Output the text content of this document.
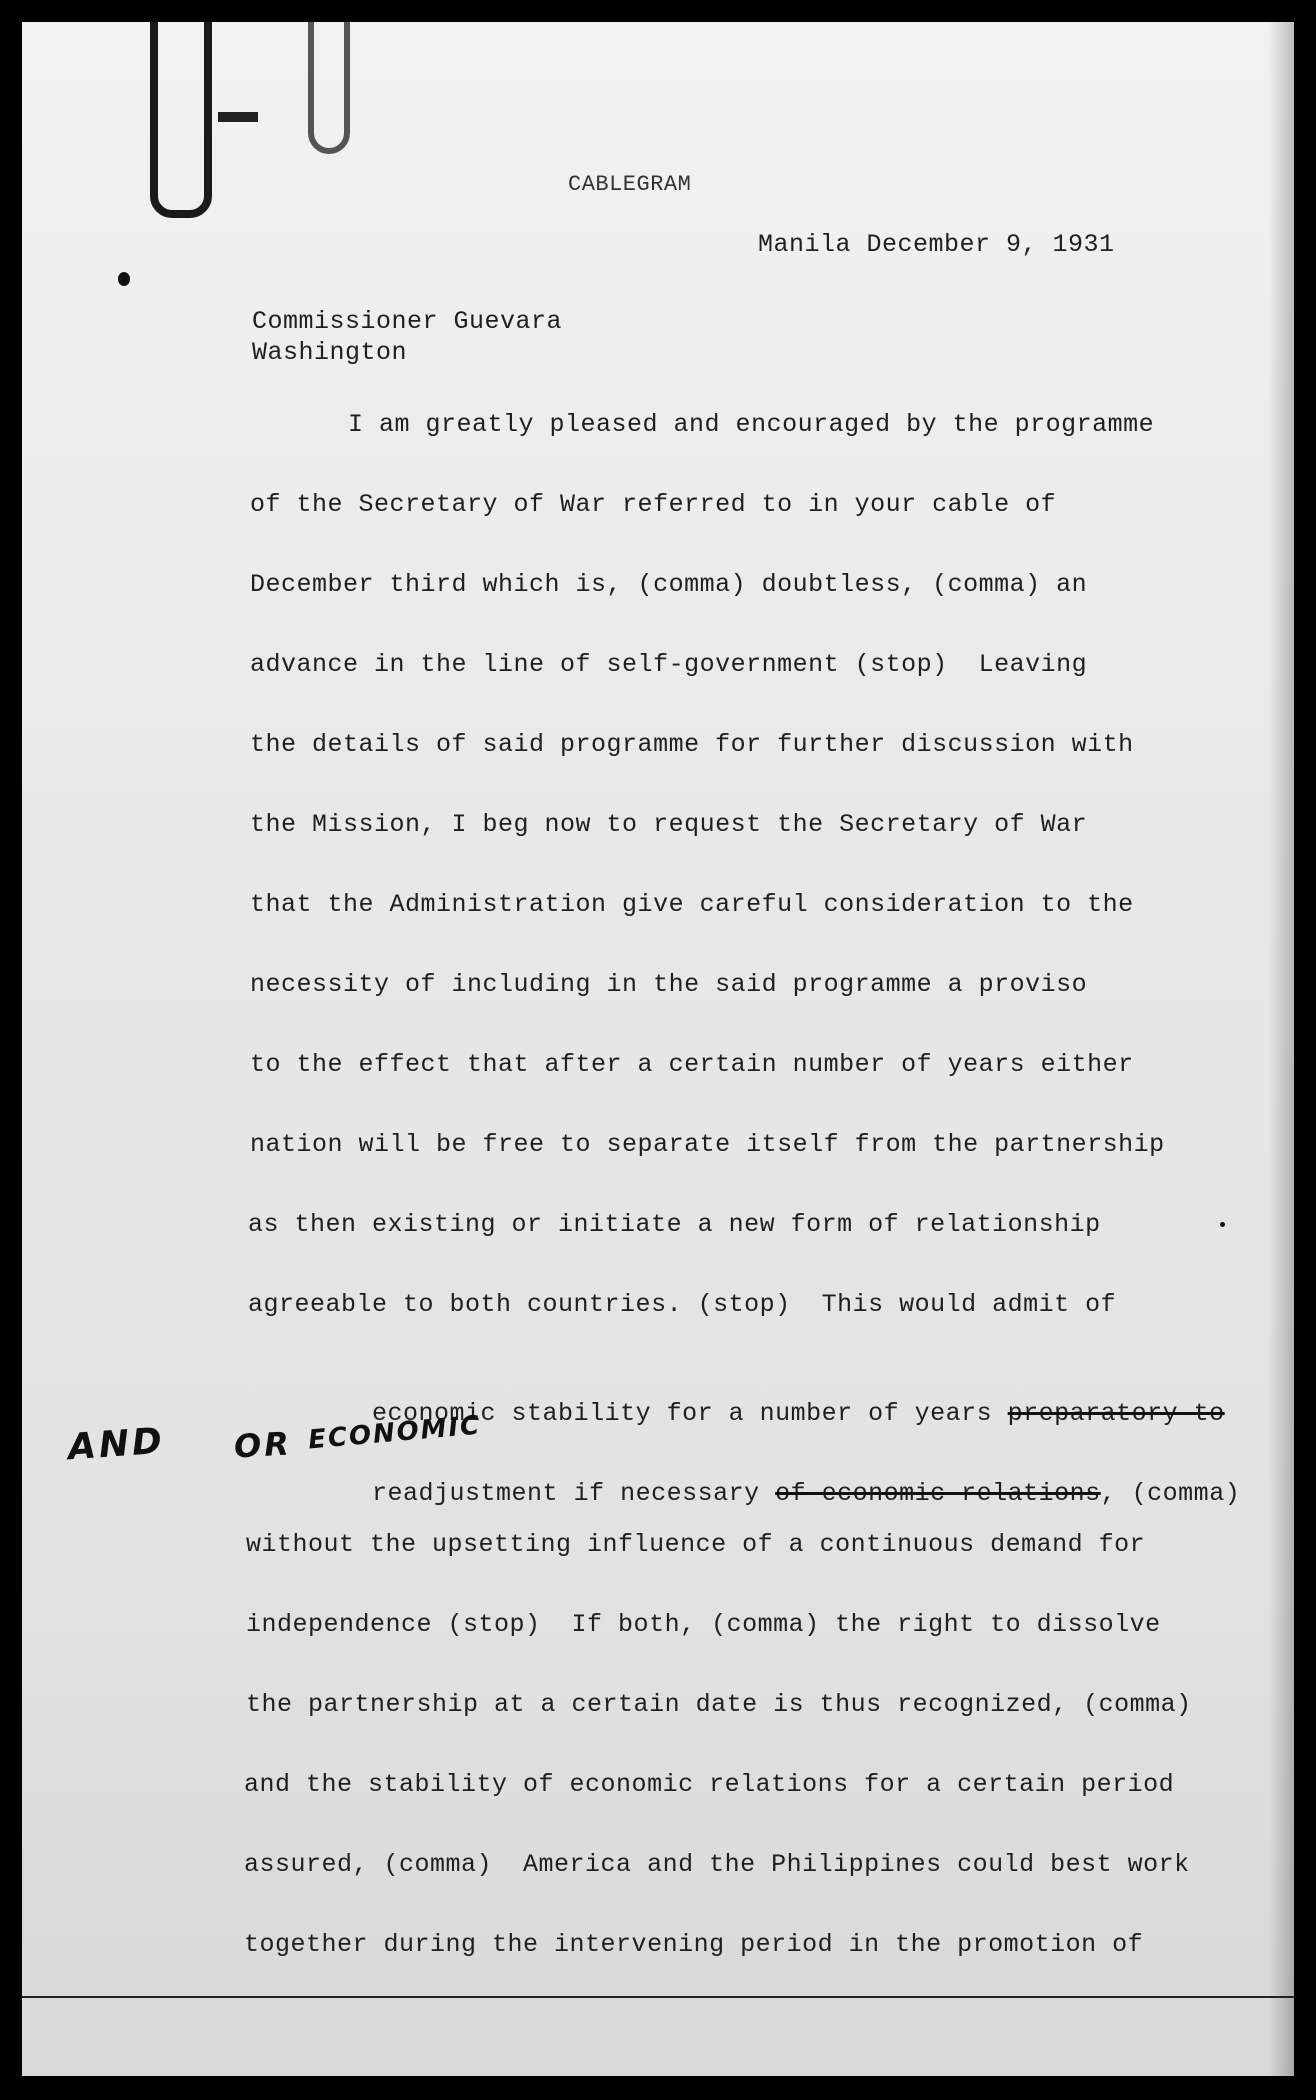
CABLEGRAM
Manila December 9, 1931
Commissioner Guevara
Washington
I am greatly pleased and encouraged by the programme
of the Secretary of War referred to in your cable of
December third which is, (comma) doubtless, (comma) an
advance in the line of self-government (stop)  Leaving
the details of said programme for further discussion with
the Mission, I beg now to request the Secretary of War
that the Administration give careful consideration to the
necessity of including in the said programme a proviso
to the effect that after a certain number of years either
nation will be free to separate itself from the partnership
as then existing or initiate a new form of relationship
agreeable to both countries. (stop)  This would admit of

economic stability for a number of years preparatory to

readjustment if necessary of economic relations, (comma)

without the upsetting influence of a continuous demand for
independence (stop)  If both, (comma) the right to dissolve
the partnership at a certain date is thus recognized, (comma)
and the stability of economic relations for a certain period
assured, (comma)  America and the Philippines could best work
together during the intervening period in the promotion of
AND OR ECONOMIC
